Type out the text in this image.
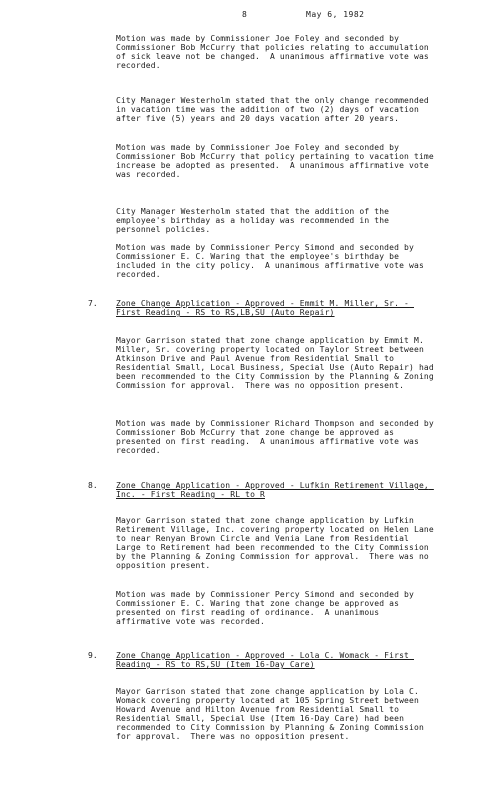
8	May 6, 1982

Motion was made by Commissioner Joe Foley and seconded by Commissioner Bob McCurry that policies relating to accumulation of sick leave not be changed.  A unanimous affirmative vote was recorded.

City Manager Westerholm stated that the only change recommended in vacation time was the addition of two (2) days of vacation after five (5) years and 20 days vacation after 20 years.

Motion was made by Commissioner Joe Foley and seconded by Commissioner Bob McCurry that policy pertaining to vacation time increase be adopted as presented.  A unanimous affirmative vote was recorded.

City Manager Westerholm stated that the addition of the employee's birthday as a holiday was recommended in the personnel policies.

Motion was made by Commissioner Percy Simond and seconded by Commissioner E. C. Waring that the employee's birthday be included in the city policy.  A unanimous affirmative vote was recorded.

7. Zone Change Application - Approved - Emmit M. Miller, Sr. - First Reading - RS to RS,LB,SU (Auto Repair)

Mayor Garrison stated that zone change application by Emmit M. Miller, Sr. covering property located on Taylor Street between Atkinson Drive and Paul Avenue from Residential Small to Residential Small, Local Business, Special Use (Auto Repair) had been recommended to the City Commission by the Planning & Zoning Commission for approval.  There was no opposition present.

Motion was made by Commissioner Richard Thompson and seconded by Commissioner Bob McCurry that zone change be approved as presented on first reading.  A unanimous affirmative vote was recorded.

8. Zone Change Application - Approved - Lufkin Retirement Village, Inc. - First Reading - RL to R

Mayor Garrison stated that zone change application by Lufkin Retirement Village, Inc. covering property located on Helen Lane to near Renyan Brown Circle and Venia Lane from Residential Large to Retirement had been recommended to the City Commission by the Planning & Zoning Commission for approval.  There was no opposition present.

Motion was made by Commissioner Percy Simond and seconded by Commissioner E. C. Waring that zone change be approved as presented on first reading of ordinance.  A unanimous affirmative vote was recorded.

9. Zone Change Application - Approved - Lola C. Womack - First Reading - RS to RS,SU (Item 16-Day Care)

Mayor Garrison stated that zone change application by Lola C. Womack covering property located at 105 Spring Street between Howard Avenue and Hilton Avenue from Residential Small to Residential Small, Special Use (Item 16-Day Care) had been recommended to City Commission by Planning & Zoning Commission for approval.  There was no opposition present.
